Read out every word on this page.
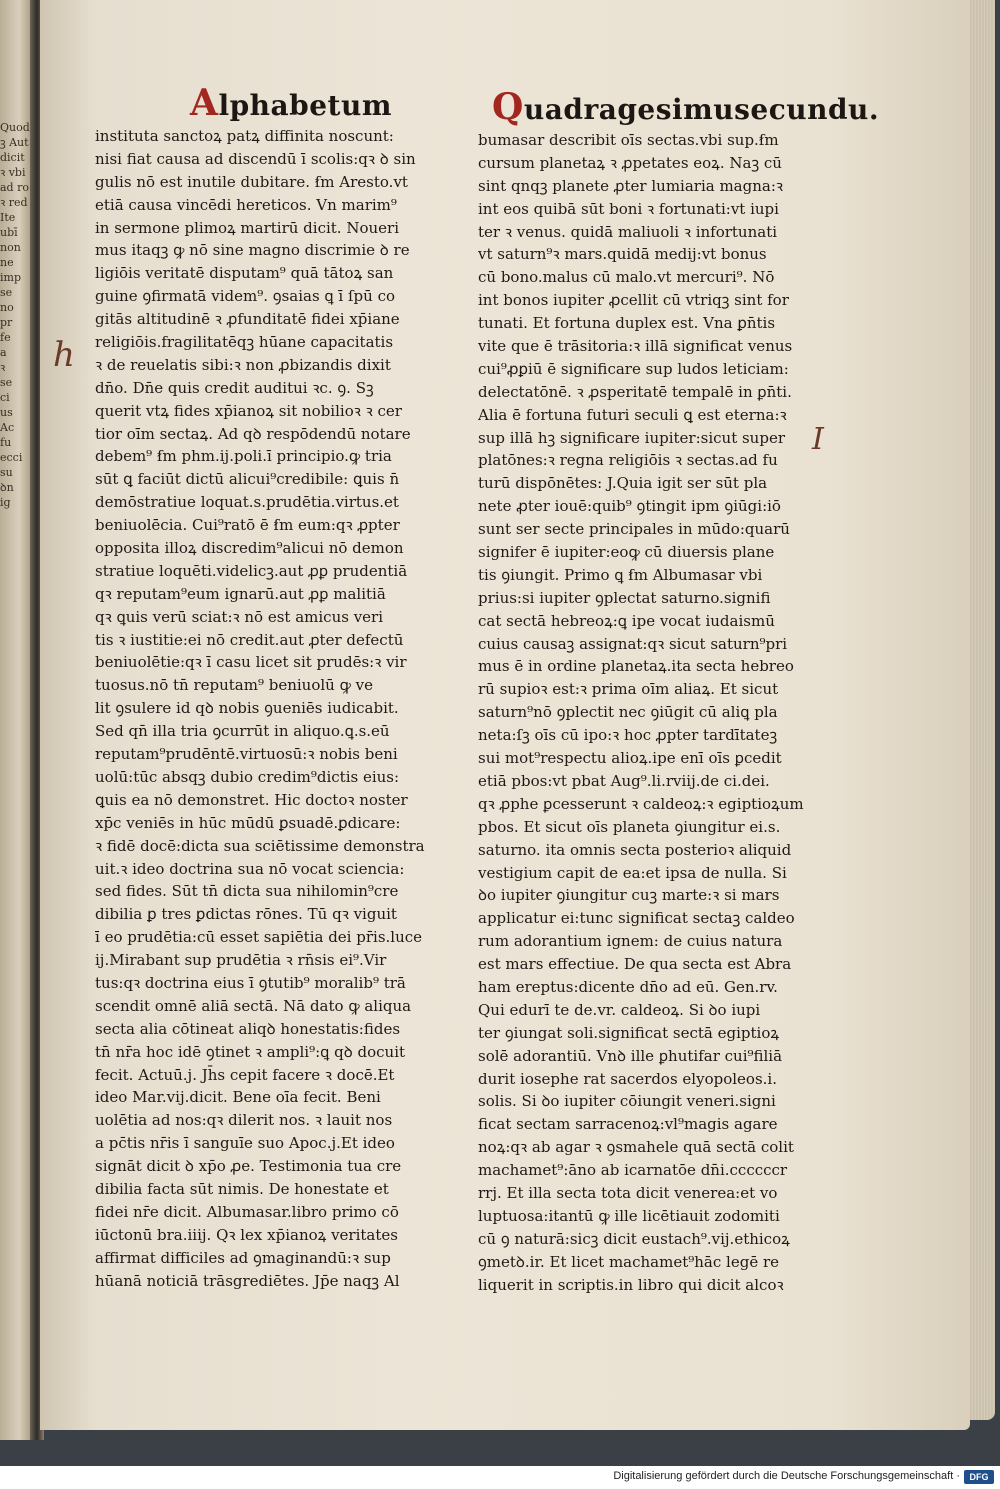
Quod
ꝫ Aut
dicit
ꝛ vbi
ad ro
ꝛ red
Ite
ubī
non
ne
imp
se
no
pr
fe
a
ꝛ
se
ci
us
Ac
fu
ecci
su
ꝺn
ig
Alphabetum	Quadragesimusecundu.
instituta sanctoꝝ patꝝ diffinita noscunt:
nisi fiat causa ad discendū ī scolis:qꝛ ꝺ sin
gulis nō est inutile dubitare. ẜm Aresto.vt
etiā causa vincēdi hereticos. Vn marim⁹
in sermone plimoꝝ martirū dicit. Noueri
mus itaqꝫ ꝙ nō sine magno discrimie ꝺ re
ligiōis veritatē disputam⁹ quā tātoꝝ san
guine ꝯfirmatā videm⁹. ꝯsaias ꝗ ī ſpū co
gitās altitudinē ꝛ ꝓfunditatē fidei xp̄iane
religiōis.fragilitatēqꝫ hūane capacitatis
ꝛ de reuelatis sibi:ꝛ non ꝓbizandis dixit
dn̄o. Dn̄e quis credit auditui ꝛc. ꝯ. Sꝫ
querit vtꝝ fides xp̄ianoꝝ sit nobilioꝛ ꝛ cer
tior oīm sectaꝝ. Ad qꝺ respōdendū notare
debem⁹ ẜm phm.ij.poli.ī principio.ꝙ tria
sūt ꝗ faciūt dictū alicui⁹credibile: ꝗuis n̄
demōstratiue loquat.s.prudētia.virtus.et
beniuolēcia. Cui⁹ratō ē ẜm eum:qꝛ ꝓpter
opposita illoꝝ discredim⁹alicui nō demon
stratiue loquēti.videlicꝫ.aut ꝓꝑ prudentiā
qꝛ reputam⁹eum ignarū.aut ꝓꝑ malitiā
qꝛ ꝗuis verū sciat:ꝛ nō est amicus veri
tis ꝛ iustitie:ei nō credit.aut ꝓter defectū
beniuolētie:qꝛ ī casu licet sit prudēs:ꝛ vir
tuosus.nō tn̄ reputam⁹ beniuolū ꝙ ve
lit ꝯsulere id qꝺ nobis ꝯueniēs iudicabit.
Sed qn̄ illa tria ꝯcurrūt in aliquo.ꝗ.s.eū
reputam⁹prudēntē.virtuosū:ꝛ nobis beni
uolū:tūc absqꝫ dubio credim⁹dictis eius:
ꝗuis ea nō demonstret. Hic doctoꝛ noster
xp̄c veniēs in hūc mūdū ꝑsuadē.ꝑdicare:
ꝛ fidē docē:dicta sua sciētissime demonstra
uit.ꝛ ideo doctrina sua nō vocat sciencia:
sed fides. Sūt tn̄ dicta sua nihilomin⁹cre
dibilia ꝑ tres ꝑdictas rōnes. Tū qꝛ viguit
ī eo prudētia:cū esset sapiētia dei pr̄is.luce
ij.Mirabant sup prudētia ꝛ rn̄sis ei⁹.Vir
tus:qꝛ doctrina eius ī ꝯtutib⁹ moralib⁹ trā
scendit omnē aliā sectā. Nā dato ꝙ aliqua
secta alia cōtineat aliqꝺ honestatis:fides
tn̄ nr̄a hoc idē ꝯtinet ꝛ ampli⁹:ꝗ qꝺ docuit
fecit. Actuū.j. Jh̄s cepit facere ꝛ docē.Et
ideo Mar.vij.dicit. Bene oīa fecit. Beni
uolētia ad nos:qꝛ dilerit nos. ꝛ lauit nos
a pc̄tis nr̄is ī sanguīe suo Apoc.j.Et ideo
signāt dicit ꝺ xp̄o ꝓe. Testimonia tua cre
dibilia facta sūt nimis. De honestate et
fidei nr̄e dicit. Albumasar.libro primo cō
iūctonū bra.iiij. Qꝛ lex xp̄ianoꝝ veritates
affirmat difficiles ad ꝯmaginandū:ꝛ sup
hūanā noticiā trāsgrediētes. Jp̄e naqꝫ Al
bumasar describit oīs sectas.vbi sup.ẜm
cursum planetaꝝ ꝛ ꝓpetates eoꝝ. Naꝫ cū
sint qnqꝫ planete ꝓter lumiaria magna:ꝛ
int eos quibā sūt boni ꝛ fortunati:vt iupi
ter ꝛ venus. quidā maliuoli ꝛ infortunati
vt saturn⁹ꝛ mars.quidā medij:vt bonus
cū bono.malus cū malo.vt mercuri⁹. Nō
int bonos iupiter ꝓcellit cū vtriqꝫ sint for
tunati. Et fortuna duplex est. Vna ꝑn̄tis
vite que ē trāsitoria:ꝛ illā significat venus
cui⁹ꝓꝑiū ē significare sup ludos leticiam:
delectatōnē. ꝛ ꝓsperitatē tempalē in ꝑn̄ti.
Alia ē fortuna futuri seculi ꝗ est eterna:ꝛ
sup illā hꝫ significare iupiter:sicut super
platōnes:ꝛ regna religiōis ꝛ sectas.ad fu
turū dispōnētes: J.Quia igit ser sūt pla
nete ꝓter iouē:quib⁹ ꝯtingit ipm ꝯiūgi:iō
sunt ser secte principales in mūdo:quarū
signifer ē iupiter:eoꝙ cū diuersis plane
tis ꝯiungit. Primo ꝗ ẜm Albumasar vbi
prius:si iupiter ꝯplectat saturno.signifi
cat sectā hebreoꝝ:ꝗ ipe vocat iudaismū
cuius causaꝫ assignat:qꝛ sicut saturn⁹pri
mus ē in ordine planetaꝝ.ita secta hebreo
rū supioꝛ est:ꝛ prima oīm aliaꝝ. Et sicut
saturn⁹nō ꝯplectit nec ꝯiūgit cū aliꝗ pla
neta:ſꝫ oīs cū ipo:ꝛ hoc ꝓpter tardītateꝫ
sui mot⁹respectu alioꝝ.ipe enī oīs ꝑcedit
etiā pbos:vt pbat Aug⁹.li.rviij.de ci.dei.
qꝛ ꝓphe ꝑcesserunt ꝛ caldeoꝝ:ꝛ egiptioꝝum
pbos. Et sicut oīs planeta ꝯiungitur ei.s.
saturno. ita omnis secta posterioꝛ aliquid
vestigium capit de ea:et ipsa de nulla. Si
ꝺo iupiter ꝯiungitur cuꝫ marte:ꝛ si mars
applicatur ei:tunc significat sectaꝫ caldeo
rum adorantium ignem: de cuius natura
est mars effectiue. De qua secta est Abra
ham ereptus:dicente dn̄o ad eū. Gen.rv.
Qui edurī te de.vr. caldeoꝝ. Si ꝺo iupi
ter ꝯiungat soli.significat sectā egiptioꝝ
solē adorantiū. Vnꝺ ille ꝑhutifar cui⁹filiā
durit iosephe rat sacerdos elyopoleos.i.
solis. Si ꝺo iupiter cōiungit veneri.signi
ficat sectam sarracenoꝝ:vl⁹magis agare
noꝝ:qꝛ ab agar ꝛ ꝯsmahele quā sectā colit
machamet⁹:āno ab icarnatōe dn̄i.ccccccr
rrj. Et illa secta tota dicit venerea:et vo
luptuosa:itantū ꝙ ille licētiauit zodomiti
cū ꝯ naturā:sicꝫ dicit eustach⁹.vij.ethicoꝝ
ꝯmetꝺ.ir. Et licet machamet⁹hāc legē re
liquerit in scriptis.in libro qui dicit alcoꝛ
h
I
Digitalisierung gefördert durch die Deutsche Forschungsgemeinschaft ·	DFG
